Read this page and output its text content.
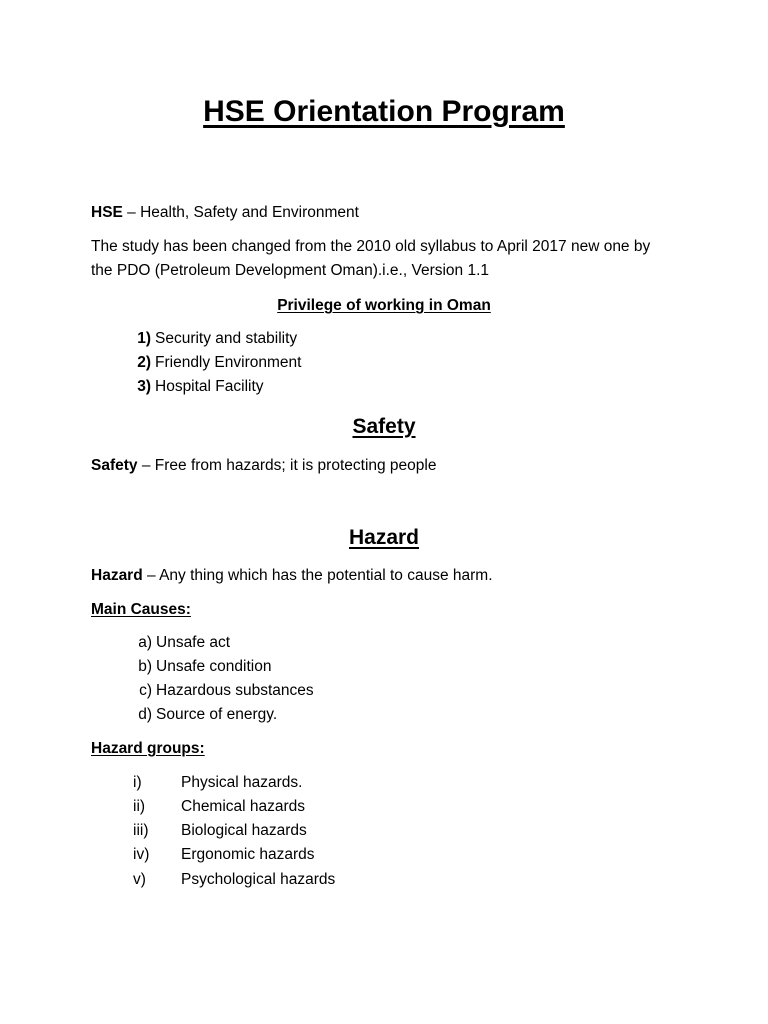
HSE Orientation Program
HSE – Health, Safety and Environment
The study has been changed from the 2010 old syllabus to April 2017 new one by
the PDO (Petroleum Development Oman).i.e., Version 1.1
Privilege of working in Oman
1) Security and stability
2) Friendly Environment
3) Hospital Facility
Safety
Safety – Free from hazards; it is protecting people
Hazard
Hazard – Any thing which has the potential to cause harm.
Main Causes:
a) Unsafe act
b) Unsafe condition
c) Hazardous substances
d) Source of energy.
Hazard groups:
i)	Physical hazards.
ii) Chemical hazards
iii) Biological hazards
iv) Ergonomic hazards
v) Psychological hazards
